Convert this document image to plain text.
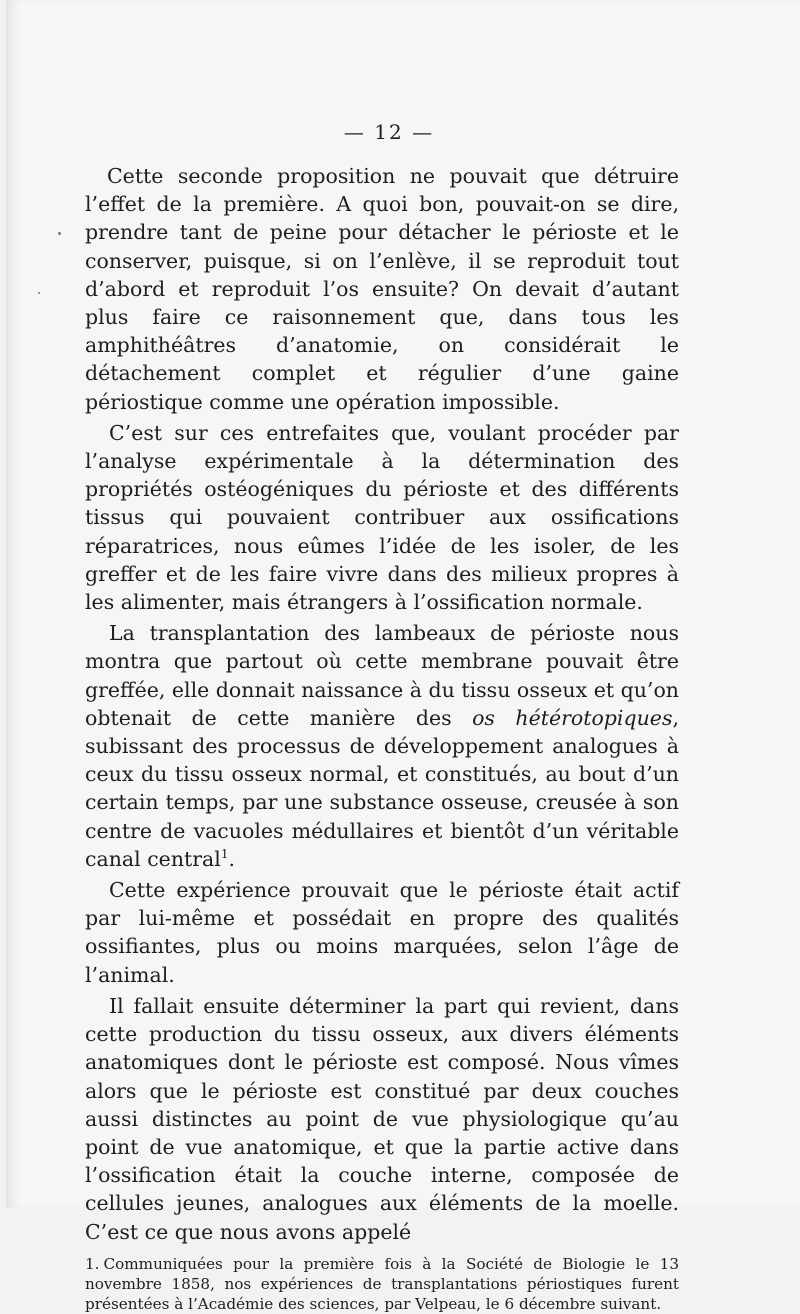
— 12 —

Cette seconde proposition ne pouvait que détruire l’effet de la première. A quoi bon, pouvait-on se dire, prendre tant de peine pour détacher le périoste et le conserver, puisque, si on l’enlève, il se reproduit tout d’abord et reproduit l’os ensuite? On devait d’autant plus faire ce raisonnement que, dans tous les amphithéâtres d’anatomie, on considérait le détachement complet et régulier d’une gaine périostique comme une opération impossible.

C’est sur ces entrefaites que, voulant procéder par l’analyse expérimentale à la détermination des propriétés ostéogéniques du périoste et des différents tissus qui pouvaient contribuer aux ossifications réparatrices, nous eûmes l’idée de les isoler, de les greffer et de les faire vivre dans des milieux propres à les alimenter, mais étrangers à l’ossification normale.

La transplantation des lambeaux de périoste nous montra que partout où cette membrane pouvait être greffée, elle donnait naissance à du tissu osseux et qu’on obtenait de cette manière des os hétérotopiques, subissant des processus de développement analogues à ceux du tissu osseux normal, et constitués, au bout d’un certain temps, par une substance osseuse, creusée à son centre de vacuoles médullaires et bientôt d’un véritable canal central$^1$.

Cette expérience prouvait que le périoste était actif par lui-même et possédait en propre des qualités ossifiantes, plus ou moins marquées, selon l’âge de l’animal.

Il fallait ensuite déterminer la part qui revient, dans cette production du tissu osseux, aux divers éléments anatomiques dont le périoste est composé. Nous vîmes alors que le périoste est constitué par deux couches aussi distinctes au point de vue physiologique qu’au point de vue anatomique, et que la partie active dans l’ossification était la couche interne, composée de cellules jeunes, analogues aux éléments de la moelle. C’est ce que nous avons appelé

1. Communiquées pour la première fois à la Société de Biologie le 13 novembre 1858, nos expériences de transplantations périostiques furent présentées à l’Académie des sciences, par Velpeau, le 6 décembre suivant.
